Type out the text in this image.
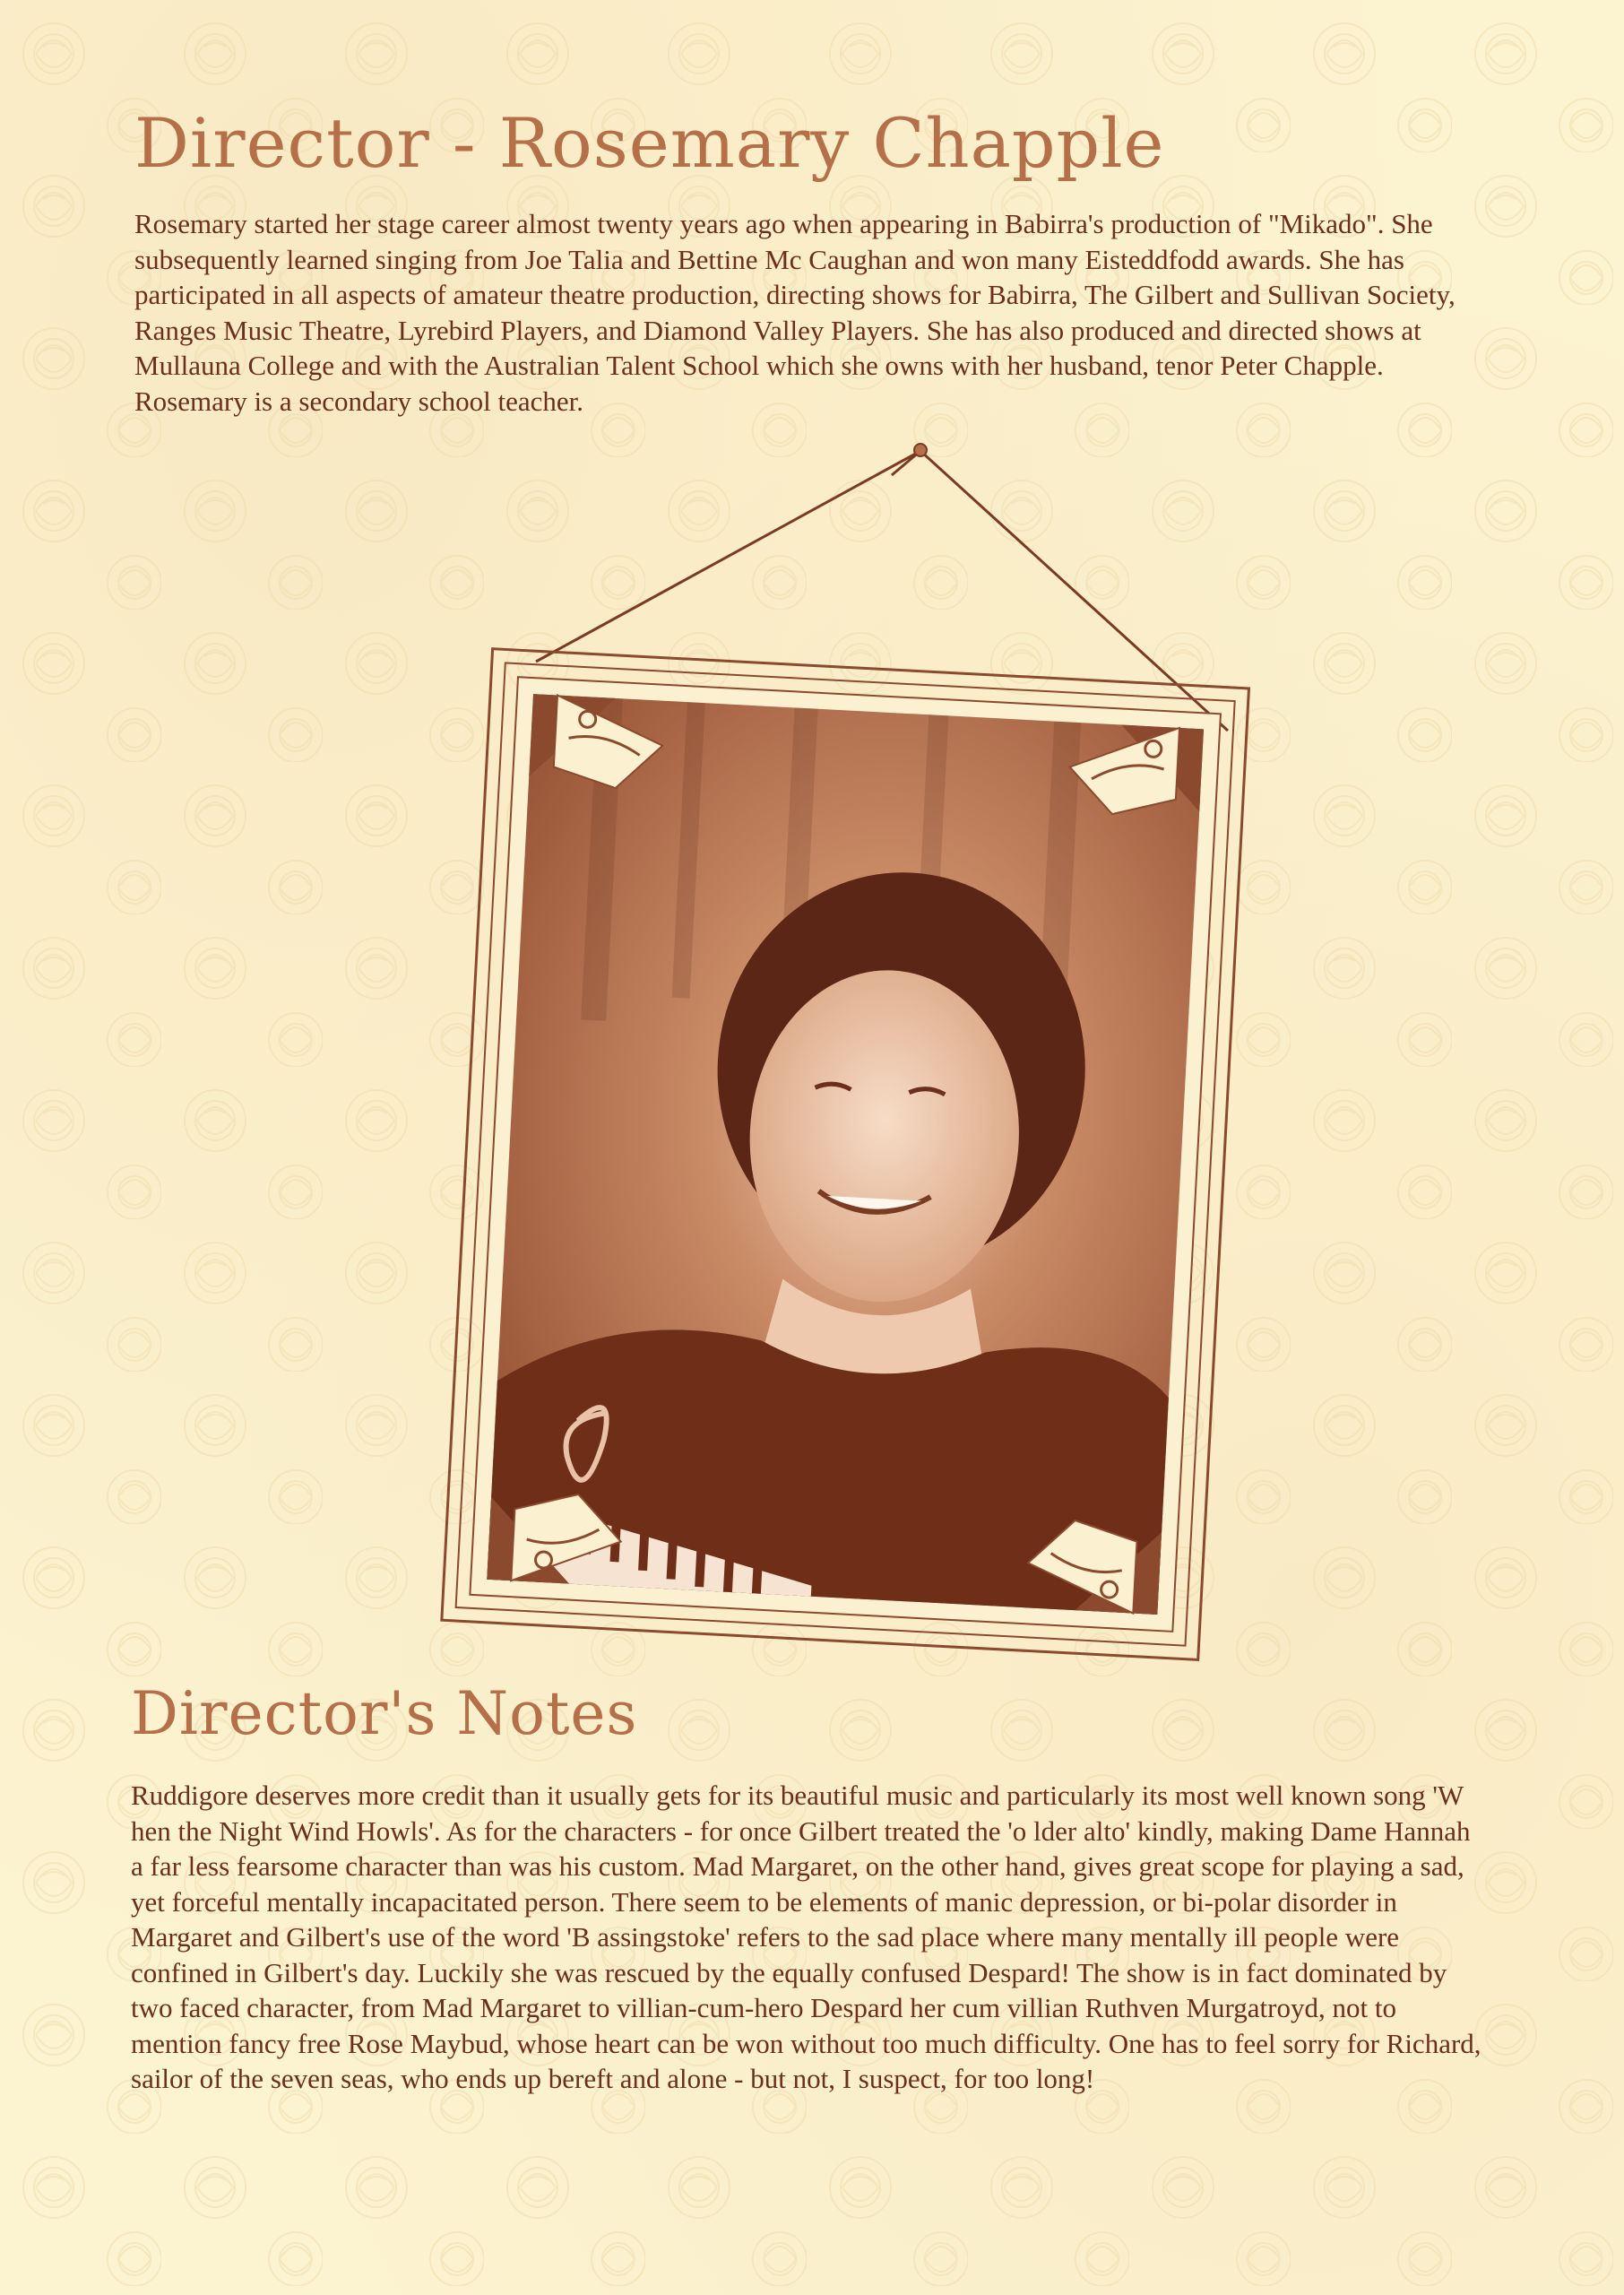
Director - Rosemary Chapple

Rosemary started her stage career almost twenty years ago when appearing in Babirra's production of "Mikado". She subsequently learned singing from Joe Talia and Bettine Mc Caughan and won many Eisteddfodd awards. She has participated in all aspects of amateur theatre production, directing shows for Babirra, The Gilbert and Sullivan Society, Ranges Music Theatre, Lyrebird Players, and Diamond Valley Players. She has also produced and directed shows at Mullauna College and with the Australian Talent School which she owns with her husband, tenor Peter Chapple. Rosemary is a secondary school teacher.

Director's Notes

Ruddigore deserves more credit than it usually gets for its beautiful music and particularly its most well known song 'W hen the Night Wind Howls'. As for the characters - for once Gilbert treated the 'o lder alto' kindly, making Dame Hannah a far less fearsome character than was his custom. Mad Margaret, on the other hand, gives great scope for playing a sad, yet forceful mentally incapacitated person. There seem to be elements of manic depression, or bi-polar disorder in Margaret and Gilbert's use of the word 'B assingstoke' refers to the sad place where many mentally ill people were confined in Gilbert's day. Luckily she was rescued by the equally confused Despard! The show is in fact dominated by two faced character, from Mad Margaret to villian-cum-hero Despard her cum villian Ruthven Murgatroyd, not to mention fancy free Rose Maybud, whose heart can be won without too much difficulty. One has to feel sorry for Richard, sailor of the seven seas, who ends up bereft and alone - but not, I suspect, for too long!
